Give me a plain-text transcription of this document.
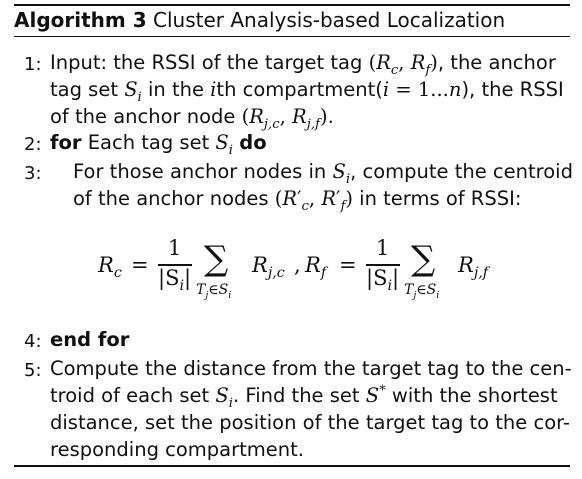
Algorithm 3 Cluster Analysis-based Localization
1: Input: the RSSI of the target tag ($R_c$, $R_f$), the anchor
tag set $S_i$ in the ith compartment(i = 1...n), the RSSI
of the anchor node ($R_{j,c}$, $R_{j,f}$).
2: for Each tag set $S_i$ do
3: For those anchor nodes in $S_i$, compute the centroid
of the anchor nodes ($R'_c$, $R'_f$) in terms of RSSI:
$R_c$ =
1
$|S_i|$ ∑
$T_j\in S_i$
$R_{j,c}$ , $R_f$ =
1
$|S_i|$ ∑
$T_j\in S_i$
$R_{j,f}$
4: end for
5: Compute the distance from the target tag to the cen-
troid of each set $S_i$. Find the set S* with the shortest
distance, set the position of the target tag to the cor-
responding compartment.
